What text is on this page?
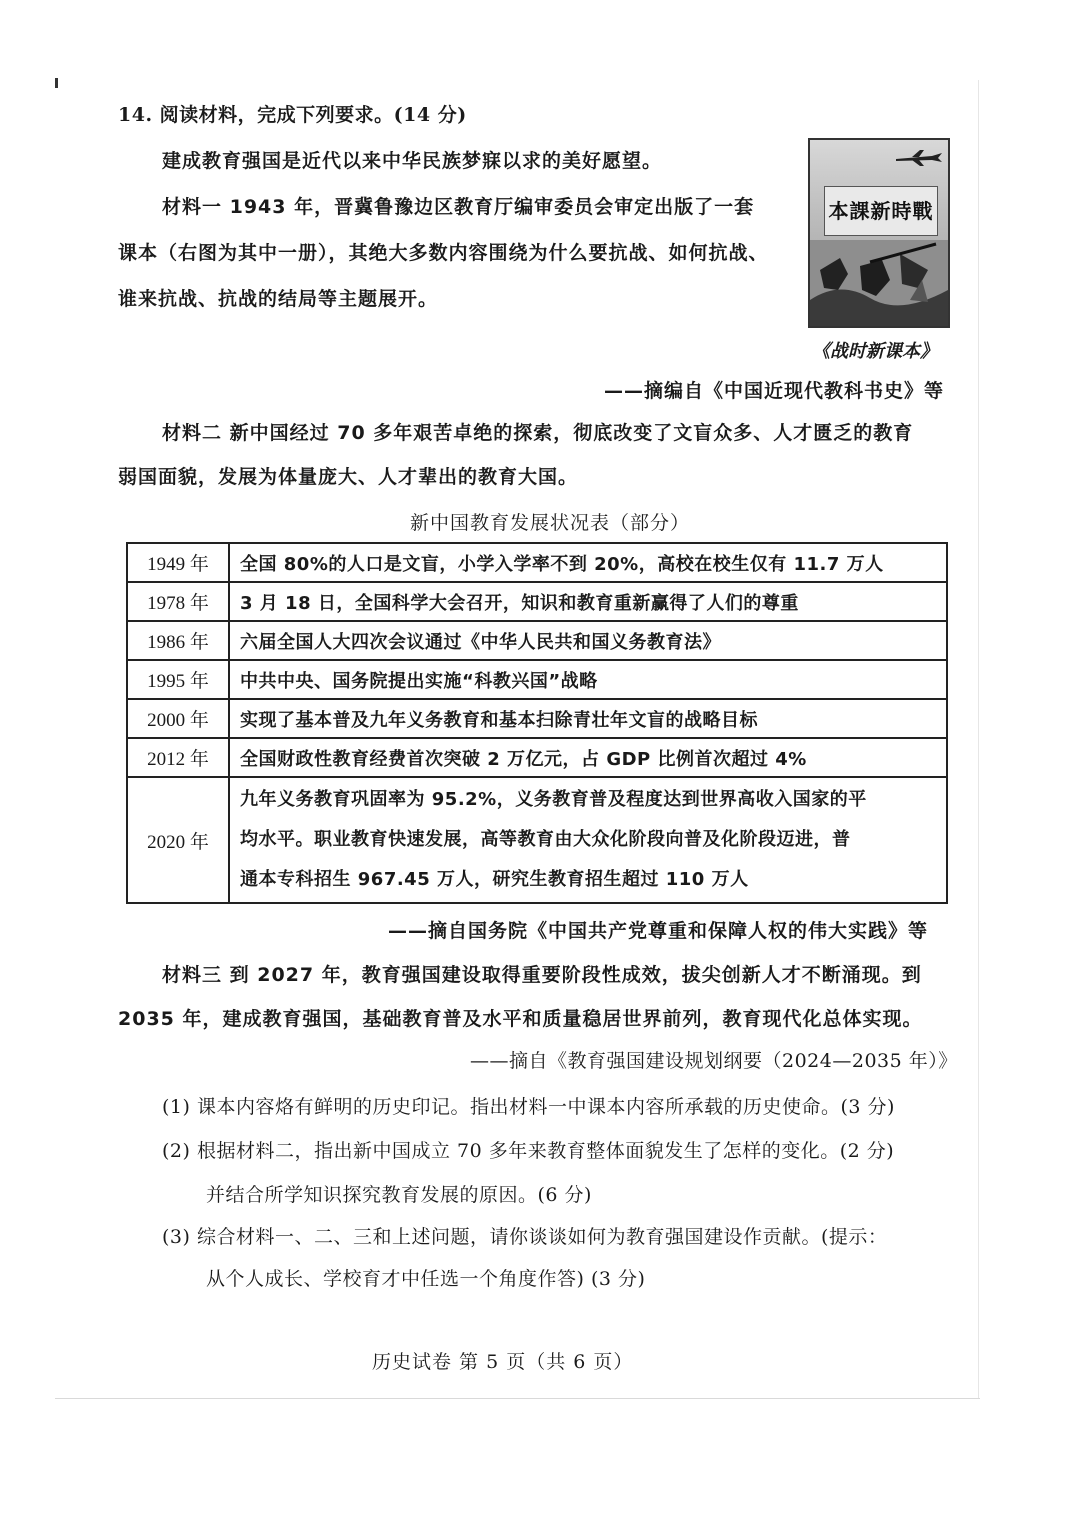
14. 阅读材料，完成下列要求。(14 分)
建成教育强国是近代以来中华民族梦寐以求的美好愿望。
材料一 1943 年，晋冀鲁豫边区教育厅编审委员会审定出版了一套
课本（右图为其中一册），其绝大多数内容围绕为什么要抗战、如何抗战、
谁来抗战、抗战的结局等主题展开。
本課新時戰
《战时新课本》
——摘编自《中国近现代教科书史》等
材料二 新中国经过 70 多年艰苦卓绝的探索，彻底改变了文盲众多、人才匮乏的教育
弱国面貌，发展为体量庞大、人才辈出的教育大国。
新中国教育发展状况表（部分）
1949 年	全国 80%的人口是文盲，小学入学率不到 20%，高校在校生仅有 11.7 万人
1978 年	3 月 18 日，全国科学大会召开，知识和教育重新赢得了人们的尊重
1986 年	六届全国人大四次会议通过《中华人民共和国义务教育法》
1995 年	中共中央、国务院提出实施“科教兴国”战略
2000 年	实现了基本普及九年义务教育和基本扫除青壮年文盲的战略目标
2012 年	全国财政性教育经费首次突破 2 万亿元，占 GDP 比例首次超过 4%
2020 年	九年义务教育巩固率为 95.2%，义务教育普及程度达到世界高收入国家的平
均水平。职业教育快速发展，高等教育由大众化阶段向普及化阶段迈进，普
通本专科招生 967.45 万人，研究生教育招生超过 110 万人
——摘自国务院《中国共产党尊重和保障人权的伟大实践》等
材料三 到 2027 年，教育强国建设取得重要阶段性成效，拔尖创新人才不断涌现。到
2035 年，建成教育强国，基础教育普及水平和质量稳居世界前列，教育现代化总体实现。
——摘自《教育强国建设规划纲要（2024—2035 年）》
(1) 课本内容烙有鲜明的历史印记。指出材料一中课本内容所承载的历史使命。(3 分)
(2) 根据材料二，指出新中国成立 70 多年来教育整体面貌发生了怎样的变化。(2 分)
并结合所学知识探究教育发展的原因。(6 分)
(3) 综合材料一、二、三和上述问题，请你谈谈如何为教育强国建设作贡献。(提示：
从个人成长、学校育才中任选一个角度作答) (3 分)
历史试卷 第 5 页（共 6 页）
